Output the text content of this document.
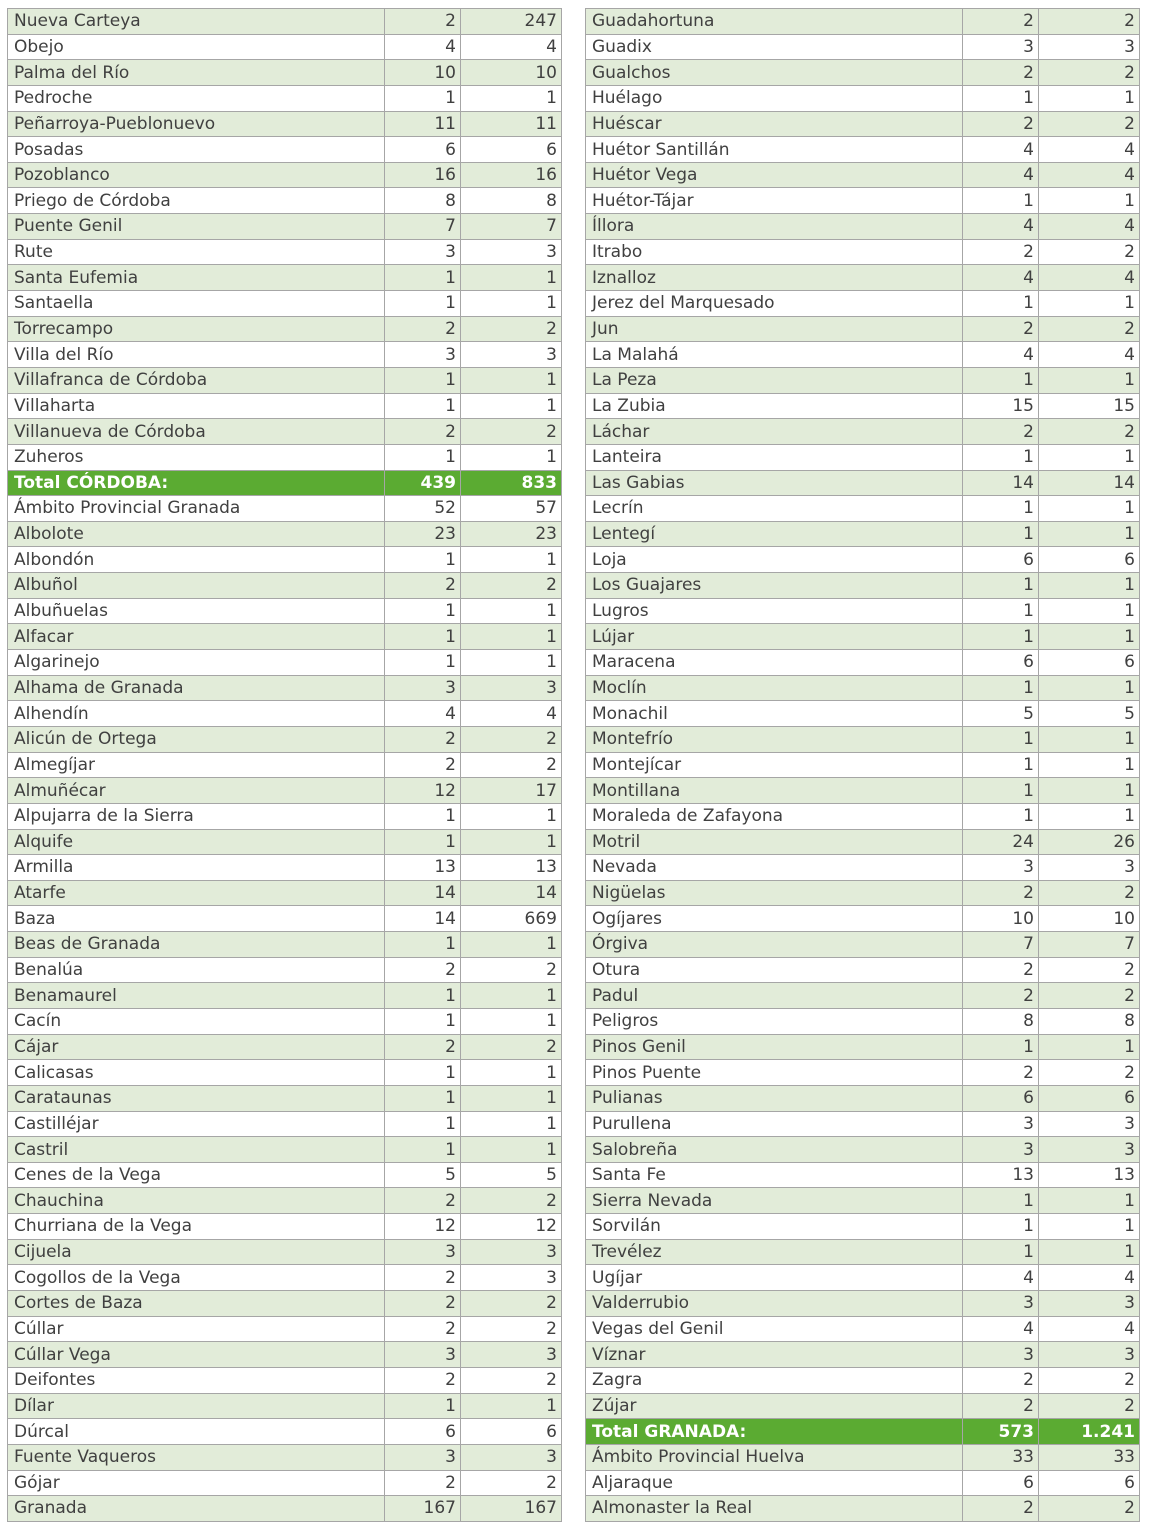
Nueva Carteya	2	247
Obejo	4	4
Palma del Río	10	10
Pedroche	1	1
Peñarroya-Pueblonuevo	11	11
Posadas	6	6
Pozoblanco	16	16
Priego de Córdoba	8	8
Puente Genil	7	7
Rute	3	3
Santa Eufemia	1	1
Santaella	1	1
Torrecampo	2	2
Villa del Río	3	3
Villafranca de Córdoba	1	1
Villaharta	1	1
Villanueva de Córdoba	2	2
Zuheros	1	1
Total CÓRDOBA:	439	833
Ámbito Provincial Granada	52	57
Albolote	23	23
Albondón	1	1
Albuñol	2	2
Albuñuelas	1	1
Alfacar	1	1
Algarinejo	1	1
Alhama de Granada	3	3
Alhendín	4	4
Alicún de Ortega	2	2
Almegíjar	2	2
Almuñécar	12	17
Alpujarra de la Sierra	1	1
Alquife	1	1
Armilla	13	13
Atarfe	14	14
Baza	14	669
Beas de Granada	1	1
Benalúa	2	2
Benamaurel	1	1
Cacín	1	1
Cájar	2	2
Calicasas	1	1
Carataunas	1	1
Castilléjar	1	1
Castril	1	1
Cenes de la Vega	5	5
Chauchina	2	2
Churriana de la Vega	12	12
Cijuela	3	3
Cogollos de la Vega	2	3
Cortes de Baza	2	2
Cúllar	2	2
Cúllar Vega	3	3
Deifontes	2	2
Dílar	1	1
Dúrcal	6	6
Fuente Vaqueros	3	3
Gójar	2	2
Granada	167	167
Guadahortuna	2	2
Guadix	3	3
Gualchos	2	2
Huélago	1	1
Huéscar	2	2
Huétor Santillán	4	4
Huétor Vega	4	4
Huétor-Tájar	1	1
Íllora	4	4
Itrabo	2	2
Iznalloz	4	4
Jerez del Marquesado	1	1
Jun	2	2
La Malahá	4	4
La Peza	1	1
La Zubia	15	15
Láchar	2	2
Lanteira	1	1
Las Gabias	14	14
Lecrín	1	1
Lentegí	1	1
Loja	6	6
Los Guajares	1	1
Lugros	1	1
Lújar	1	1
Maracena	6	6
Moclín	1	1
Monachil	5	5
Montefrío	1	1
Montejícar	1	1
Montillana	1	1
Moraleda de Zafayona	1	1
Motril	24	26
Nevada	3	3
Nigüelas	2	2
Ogíjares	10	10
Órgiva	7	7
Otura	2	2
Padul	2	2
Peligros	8	8
Pinos Genil	1	1
Pinos Puente	2	2
Pulianas	6	6
Purullena	3	3
Salobreña	3	3
Santa Fe	13	13
Sierra Nevada	1	1
Sorvilán	1	1
Trevélez	1	1
Ugíjar	4	4
Valderrubio	3	3
Vegas del Genil	4	4
Víznar	3	3
Zagra	2	2
Zújar	2	2
Total GRANADA:	573	1.241
Ámbito Provincial Huelva	33	33
Aljaraque	6	6
Almonaster la Real	2	2
